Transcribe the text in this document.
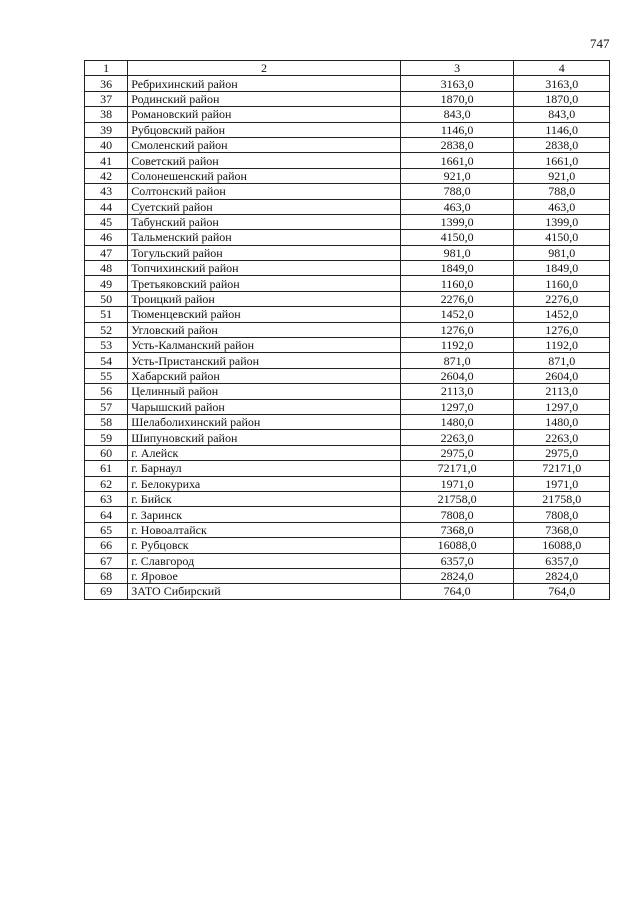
747
1	2	3	4
36	Ребрихинский район	3163,0	3163,0
37	Родинский район	1870,0	1870,0
38	Романовский район	843,0	843,0
39	Рубцовский район	1146,0	1146,0
40	Смоленский район	2838,0	2838,0
41	Советский район	1661,0	1661,0
42	Солонешенский район	921,0	921,0
43	Солтонский район	788,0	788,0
44	Суетский район	463,0	463,0
45	Табунский район	1399,0	1399,0
46	Тальменский район	4150,0	4150,0
47	Тогульский район	981,0	981,0
48	Топчихинский район	1849,0	1849,0
49	Третьяковский район	1160,0	1160,0
50	Троицкий район	2276,0	2276,0
51	Тюменцевский район	1452,0	1452,0
52	Угловский район	1276,0	1276,0
53	Усть-Калманский район	1192,0	1192,0
54	Усть-Пристанский район	871,0	871,0
55	Хабарский район	2604,0	2604,0
56	Целинный район	2113,0	2113,0
57	Чарышский район	1297,0	1297,0
58	Шелаболихинский район	1480,0	1480,0
59	Шипуновский район	2263,0	2263,0
60	г. Алейск	2975,0	2975,0
61	г. Барнаул	72171,0	72171,0
62	г. Белокуриха	1971,0	1971,0
63	г. Бийск	21758,0	21758,0
64	г. Заринск	7808,0	7808,0
65	г. Новоалтайск	7368,0	7368,0
66	г. Рубцовск	16088,0	16088,0
67	г. Славгород	6357,0	6357,0
68	г. Яровое	2824,0	2824,0
69	ЗАТО Сибирский	764,0	764,0
